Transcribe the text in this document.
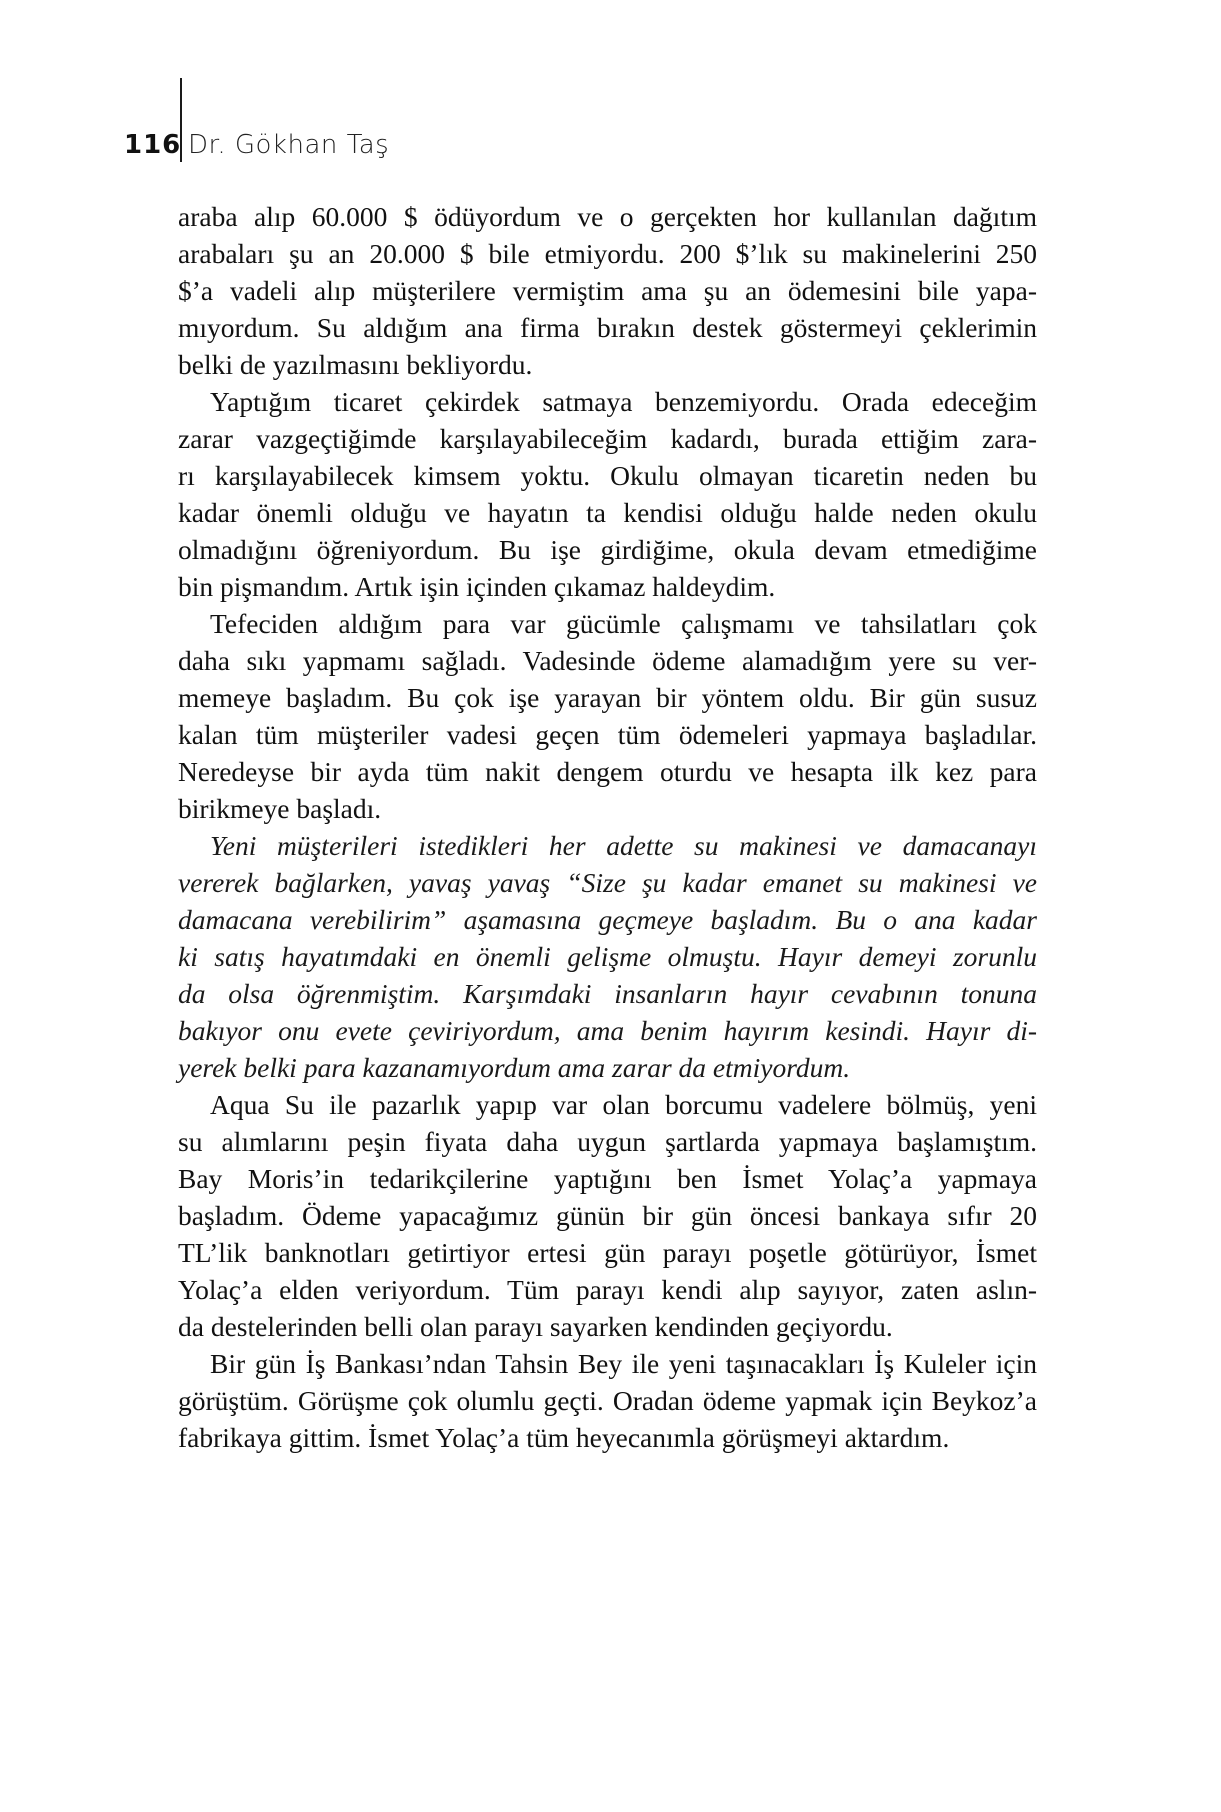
116 Dr. Gökhan Taş
araba alıp 60.000 $ ödüyordum ve o gerçekten hor kullanılan dağıtım
arabaları şu an 20.000 $ bile etmiyordu. 200 $’lık su makinelerini 250
$’a vadeli alıp müşterilere vermiştim ama şu an ödemesini bile yapa-
mıyordum. Su aldığım ana firma bırakın destek göstermeyi çeklerimin
belki de yazılmasını bekliyordu.
Yaptığım ticaret çekirdek satmaya benzemiyordu. Orada edeceğim
zarar vazgeçtiğimde karşılayabileceğim kadardı, burada ettiğim zara-
rı karşılayabilecek kimsem yoktu. Okulu olmayan ticaretin neden bu
kadar önemli olduğu ve hayatın ta kendisi olduğu halde neden okulu
olmadığını öğreniyordum. Bu işe girdiğime, okula devam etmediğime
bin pişmandım. Artık işin içinden çıkamaz haldeydim.
Tefeciden aldığım para var gücümle çalışmamı ve tahsilatları çok
daha sıkı yapmamı sağladı. Vadesinde ödeme alamadığım yere su ver-
memeye başladım. Bu çok işe yarayan bir yöntem oldu. Bir gün susuz
kalan tüm müşteriler vadesi geçen tüm ödemeleri yapmaya başladılar.
Neredeyse bir ayda tüm nakit dengem oturdu ve hesapta ilk kez para
birikmeye başladı.
Yeni müşterileri istedikleri her adette su makinesi ve damacanayı
vererek bağlarken, yavaş yavaş “Size şu kadar emanet su makinesi ve
damacana verebilirim” aşamasına geçmeye başladım. Bu o ana kadar
ki satış hayatımdaki en önemli gelişme olmuştu. Hayır demeyi zorunlu
da olsa öğrenmiştim. Karşımdaki insanların hayır cevabının tonuna
bakıyor onu evete çeviriyordum, ama benim hayırım kesindi. Hayır di-
yerek belki para kazanamıyordum ama zarar da etmiyordum.
Aqua Su ile pazarlık yapıp var olan borcumu vadelere bölmüş, yeni
su alımlarını peşin fiyata daha uygun şartlarda yapmaya başlamıştım.
Bay Moris’in tedarikçilerine yaptığını ben İsmet Yolaç’a yapmaya
başladım. Ödeme yapacağımız günün bir gün öncesi bankaya sıfır 20
TL’lik banknotları getirtiyor ertesi gün parayı poşetle götürüyor, İsmet
Yolaç’a elden veriyordum. Tüm parayı kendi alıp sayıyor, zaten aslın-
da destelerinden belli olan parayı sayarken kendinden geçiyordu.
Bir gün İş Bankası’ndan Tahsin Bey ile yeni taşınacakları İş Kuleler için
görüştüm. Görüşme çok olumlu geçti. Oradan ödeme yapmak için Beykoz’a
fabrikaya gittim. İsmet Yolaç’a tüm heyecanımla görüşmeyi aktardım.
